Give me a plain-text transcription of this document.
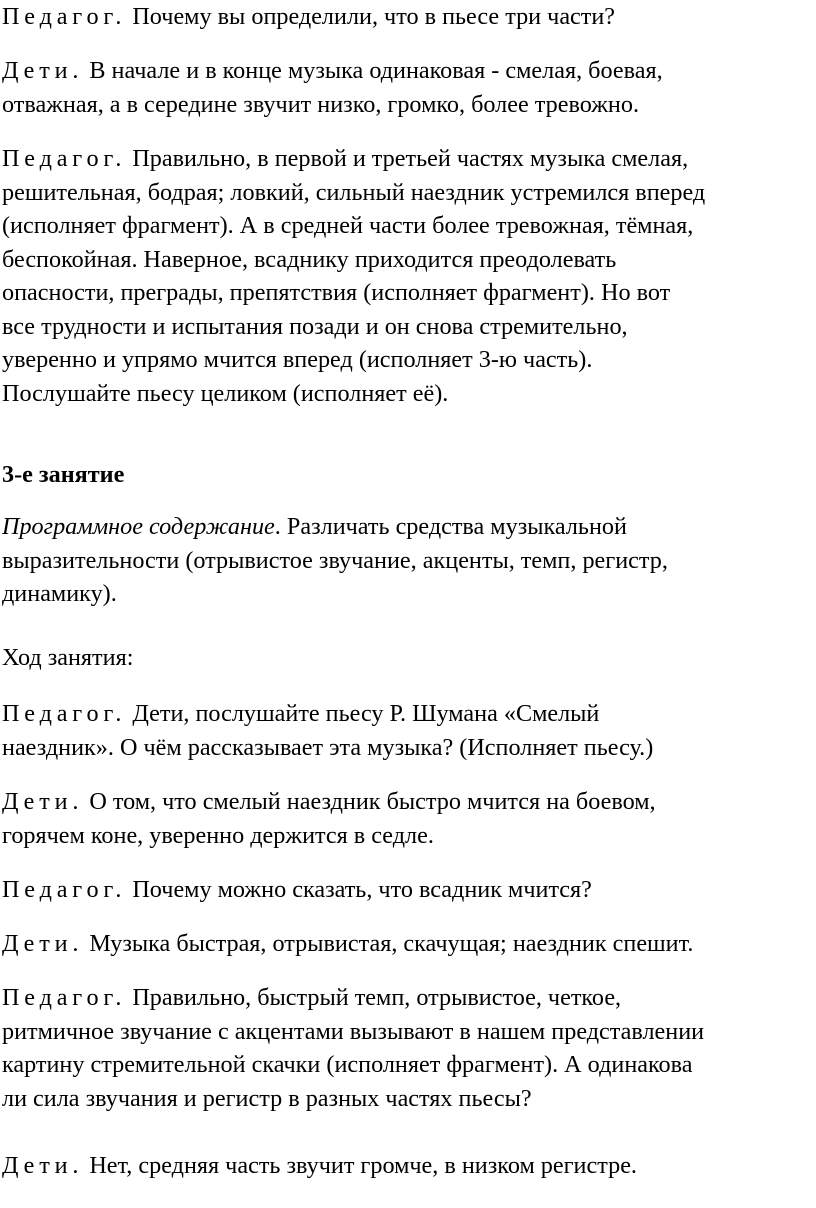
Педагог. Почему вы определили, что в пьесе три части?

Дети. В начале и в конце музыка одинаковая - смелая, боевая,
отважная, а в середине звучит низко, громко, более тревожно.

Педагог. Правильно, в первой и третьей частях музыка смелая,
решительная, бодрая; ловкий, сильный наездник устремился вперед
(исполняет фрагмент). А в средней части более тревожная, тёмная,
беспокойная. Наверное, всаднику приходится преодолевать
опасности, преграды, препятствия (исполняет фрагмент). Но вот
все трудности и испытания позади и он снова стремительно,
уверенно и упрямо мчится вперед (исполняет 3-ю часть).
Послушайте пьесу целиком (исполняет её).

3-е занятие

Программное содержание. Различать средства музыкальной
выразительности (отрывистое звучание, акценты, темп, регистр,
динамику).

Ход занятия:

Педагог. Дети, послушайте пьесу Р. Шумана «Смелый
наездник». О чём рассказывает эта музыка? (Исполняет пьесу.)

Дети. О том, что смелый наездник быстро мчится на боевом,
горячем коне, уверенно держится в седле.

Педагог. Почему можно сказать, что всадник мчится?

Дети. Музыка быстрая, отрывистая, скачущая; наездник спешит.

Педагог. Правильно, быстрый темп, отрывистое, четкое,
ритмичное звучание с акцентами вызывают в нашем представлении
картину стремительной скачки (исполняет фрагмент). А одинакова
ли сила звучания и регистр в разных частях пьесы?

Дети. Нет, средняя часть звучит громче, в низком регистре.
